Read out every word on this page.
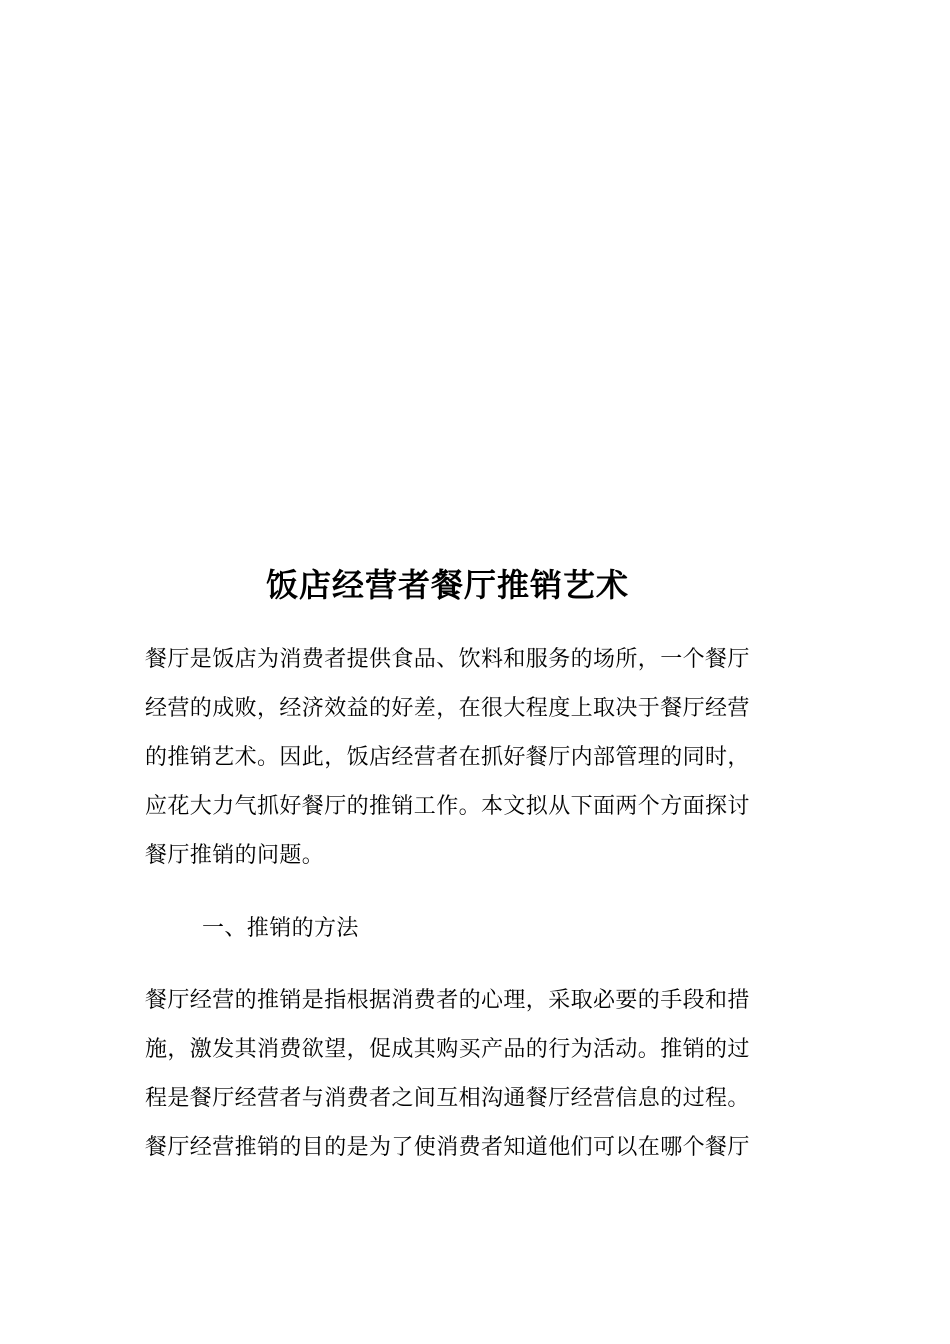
饭店经营者餐厅推销艺术
餐厅是饭店为消费者提供食品、饮料和服务的场所，一个餐厅
经营的成败，经济效益的好差，在很大程度上取决于餐厅经营
的推销艺术。因此，饭店经营者在抓好餐厅内部管理的同时，
应花大力气抓好餐厅的推销工作。本文拟从下面两个方面探讨
餐厅推销的问题。

一、推销的方法

餐厅经营的推销是指根据消费者的心理，采取必要的手段和措
施，激发其消费欲望，促成其购买产品的行为活动。推销的过
程是餐厅经营者与消费者之间互相沟通餐厅经营信息的过程。
餐厅经营推销的目的是为了使消费者知道他们可以在哪个餐厅
